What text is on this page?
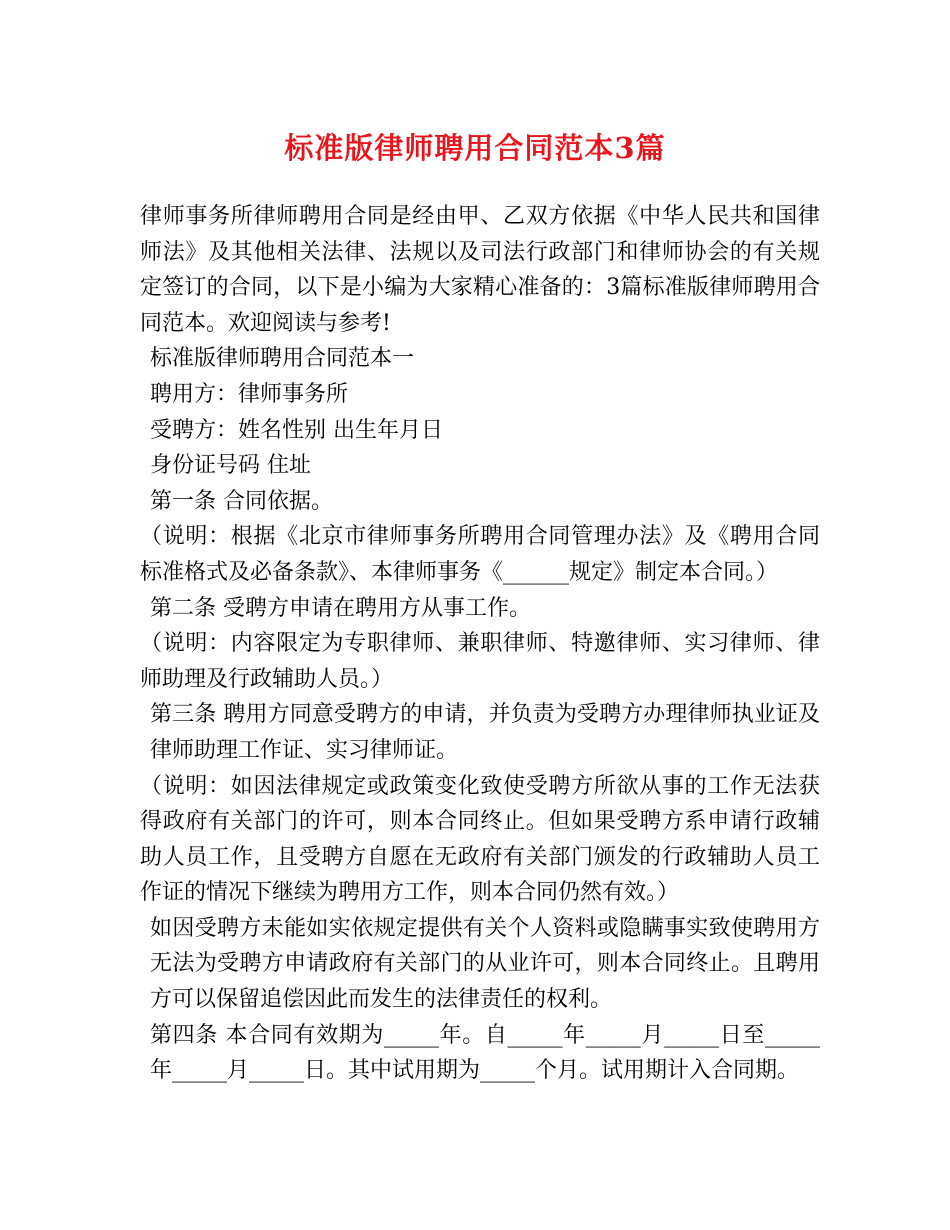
标准版律师聘用合同范本3篇

律师事务所律师聘用合同是经由甲、乙双方依据《中华人民共和国律师法》及其他相关法律、法规以及司法行政部门和律师协会的有关规定签订的合同，以下是小编为大家精心准备的：3篇标准版律师聘用合同范本。欢迎阅读与参考!

标准版律师聘用合同范本一

聘用方：律师事务所

受聘方：姓名性别 出生年月日

身份证号码 住址

第一条 合同依据。

（说明：根据《北京市律师事务所聘用合同管理办法》及《聘用合同标准格式及必备条款》、本律师事务《______规定》制定本合同。）

第二条 受聘方申请在聘用方从事工作。

（说明：内容限定为专职律师、兼职律师、特邀律师、实习律师、律师助理及行政辅助人员。）

第三条 聘用方同意受聘方的申请，并负责为受聘方办理律师执业证及律师助理工作证、实习律师证。

（说明：如因法律规定或政策变化致使受聘方所欲从事的工作无法获得政府有关部门的许可，则本合同终止。但如果受聘方系申请行政辅助人员工作，且受聘方自愿在无政府有关部门颁发的行政辅助人员工作证的情况下继续为聘用方工作，则本合同仍然有效。）

如因受聘方未能如实依规定提供有关个人资料或隐瞒事实致使聘用方无法为受聘方申请政府有关部门的从业许可，则本合同终止。且聘用方可以保留追偿因此而发生的法律责任的权利。

第四条 本合同有效期为_____年。自_____年_____月_____日至_____年_____月_____日。其中试用期为_____个月。试用期计入合同期。
